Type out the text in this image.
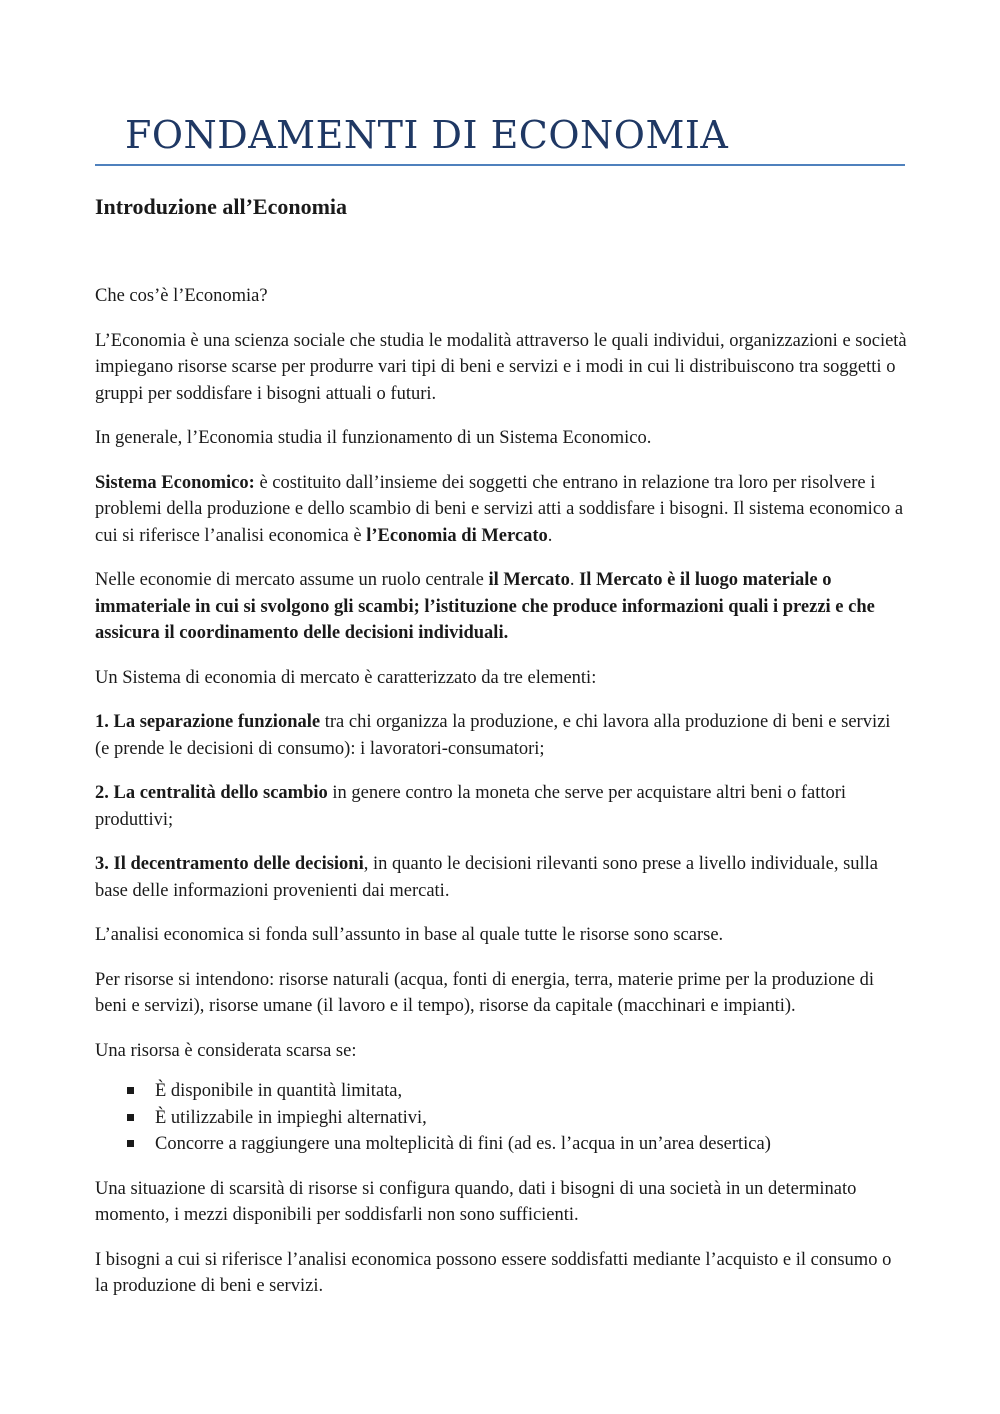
FONDAMENTI DI ECONOMIA
Introduzione all’Economia

Che cos’è l’Economia?

L’Economia è una scienza sociale che studia le modalità attraverso le quali individui, organizzazioni e società impiegano risorse scarse per produrre vari tipi di beni e servizi e i modi in cui li distribuiscono tra soggetti o gruppi per soddisfare i bisogni attuali o futuri.

In generale, l’Economia studia il funzionamento di un Sistema Economico.

Sistema Economico: è costituito dall’insieme dei soggetti che entrano in relazione tra loro per risolvere i problemi della produzione e dello scambio di beni e servizi atti a soddisfare i bisogni. Il sistema economico a cui si riferisce l’analisi economica è l’Economia di Mercato.

Nelle economie di mercato assume un ruolo centrale il Mercato. Il Mercato è il luogo materiale o immateriale in cui si svolgono gli scambi; l’istituzione che produce informazioni quali i prezzi e che assicura il coordinamento delle decisioni individuali.

Un Sistema di economia di mercato è caratterizzato da tre elementi:

1. La separazione funzionale tra chi organizza la produzione, e chi lavora alla produzione di beni e servizi (e prende le decisioni di consumo): i lavoratori-consumatori;

2. La centralità dello scambio in genere contro la moneta che serve per acquistare altri beni o fattori produttivi;

3. Il decentramento delle decisioni, in quanto le decisioni rilevanti sono prese a livello individuale, sulla base delle informazioni provenienti dai mercati.

L’analisi economica si fonda sull’assunto in base al quale tutte le risorse sono scarse.

Per risorse si intendono: risorse naturali (acqua, fonti di energia, terra, materie prime per la produzione di beni e servizi), risorse umane (il lavoro e il tempo), risorse da capitale (macchinari e impianti).

Una risorsa è considerata scarsa se:

È disponibile in quantità limitata,
È utilizzabile in impieghi alternativi,
Concorre a raggiungere una molteplicità di fini (ad es. l’acqua in un’area desertica)

Una situazione di scarsità di risorse si configura quando, dati i bisogni di una società in un determinato momento, i mezzi disponibili per soddisfarli non sono sufficienti.

I bisogni a cui si riferisce l’analisi economica possono essere soddisfatti mediante l’acquisto e il consumo o la produzione di beni e servizi.
